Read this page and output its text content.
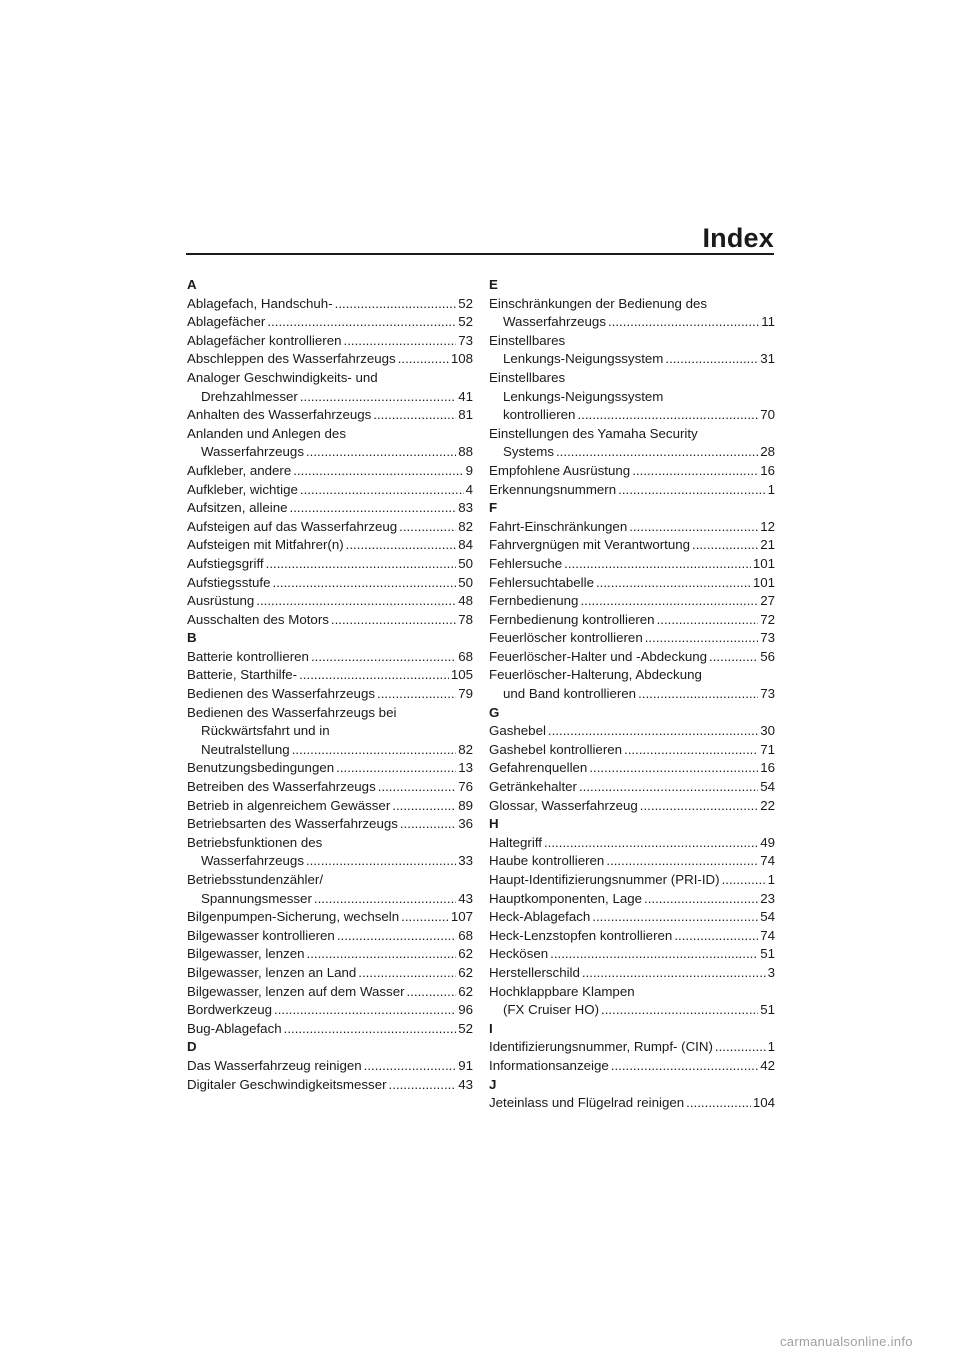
Index
A
Ablagefach, Handschuh- .....	52
Ablagefächer .....	52
Ablagefächer kontrollieren .....	73
Abschleppen des Wasserfahrzeugs .....	108
Analoger Geschwindigkeits- und
Drehzahlmesser .....	41
Anhalten des Wasserfahrzeugs .....	81
Anlanden und Anlegen des
Wasserfahrzeugs .....	88
Aufkleber, andere .....	9
Aufkleber, wichtige .....	4
Aufsitzen, alleine .....	83
Aufsteigen auf das Wasserfahrzeug .....	82
Aufsteigen mit Mitfahrer(n) .....	84
Aufstiegsgriff .....	50
Aufstiegsstufe .....	50
Ausrüstung .....	48
Ausschalten des Motors .....	78
B
Batterie kontrollieren .....	68
Batterie, Starthilfe- .....	105
Bedienen des Wasserfahrzeugs .....	79
Bedienen des Wasserfahrzeugs bei
Rückwärtsfahrt und in
Neutralstellung .....	82
Benutzungsbedingungen .....	13
Betreiben des Wasserfahrzeugs .....	76
Betrieb in algenreichem Gewässer .....	89
Betriebsarten des Wasserfahrzeugs .....	36
Betriebsfunktionen des
Wasserfahrzeugs .....	33
Betriebsstundenzähler/
Spannungsmesser .....	43
Bilgenpumpen-Sicherung, wechseln .....	107
Bilgewasser kontrollieren .....	68
Bilgewasser, lenzen .....	62
Bilgewasser, lenzen an Land .....	62
Bilgewasser, lenzen auf dem Wasser .....	62
Bordwerkzeug .....	96
Bug-Ablagefach .....	52
D
Das Wasserfahrzeug reinigen .....	91
Digitaler Geschwindigkeitsmesser .....	43
E
Einschränkungen der Bedienung des
Wasserfahrzeugs .....	11
Einstellbares
Lenkungs-Neigungssystem .....	31
Einstellbares
Lenkungs-Neigungssystem
kontrollieren .....	70
Einstellungen des Yamaha Security
Systems .....	28
Empfohlene Ausrüstung .....	16
Erkennungsnummern .....	1
F
Fahrt-Einschränkungen .....	12
Fahrvergnügen mit Verantwortung .....	21
Fehlersuche .....	101
Fehlersuchtabelle .....	101
Fernbedienung .....	27
Fernbedienung kontrollieren .....	72
Feuerlöscher kontrollieren .....	73
Feuerlöscher-Halter und -Abdeckung .....	56
Feuerlöscher-Halterung, Abdeckung
und Band kontrollieren .....	73
G
Gashebel .....	30
Gashebel kontrollieren .....	71
Gefahrenquellen .....	16
Getränkehalter .....	54
Glossar, Wasserfahrzeug .....	22
H
Haltegriff .....	49
Haube kontrollieren .....	74
Haupt-Identifizierungsnummer (PRI-ID) .....	1
Hauptkomponenten, Lage .....	23
Heck-Ablagefach .....	54
Heck-Lenzstopfen kontrollieren .....	74
Heckösen .....	51
Herstellerschild .....	3
Hochklappbare Klampen
(FX Cruiser HO) .....	51
I
Identifizierungsnummer, Rumpf- (CIN) .....	1
Informationsanzeige .....	42
J
Jeteinlass und Flügelrad reinigen .....	104
carmanualsonline.info
